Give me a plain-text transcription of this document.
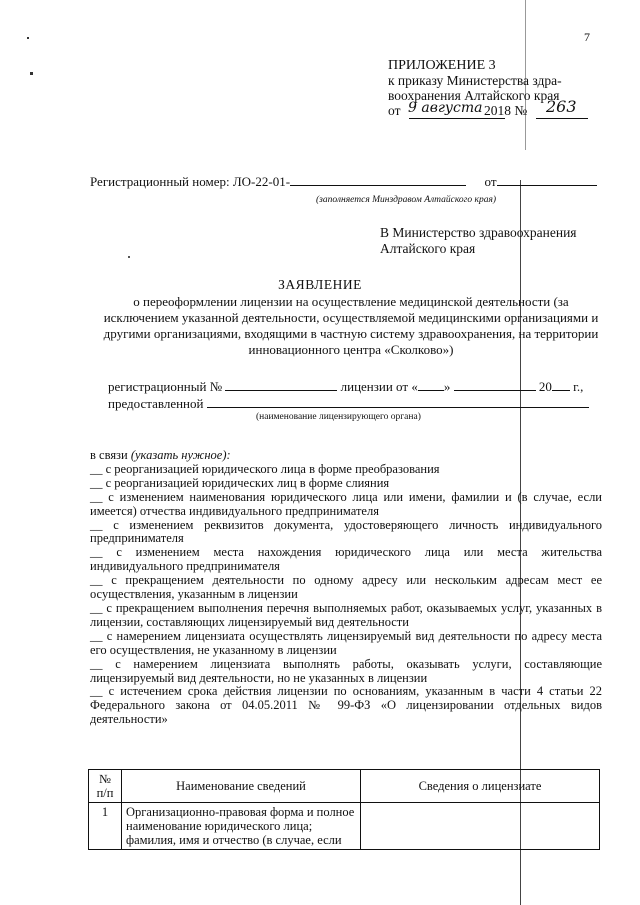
7
ПРИЛОЖЕНИЕ 3
к приказу Министерства здра-
воохранения Алтайского края
от 9 августа 2018 № 263
Регистрационный номер: ЛО-22-01-	от
(заполняется Минздравом Алтайского края)
В Министерство здравоохранения
Алтайского края
ЗАЯВЛЕНИЕ
о переоформлении лицензии на осуществление медицинской деятельности (за исключением указанной деятельности, осуществляемой медицинскими организациями и другими организациями, входящими в частную систему здравоохранения, на территории инновационного центра «Сколково»)
регистрационный №	лицензии от « »	20 г.,
предоставленной
(наименование лицензирующего органа)

в связи (указать нужное):

__ с реорганизацией юридического лица в форме преобразования

__ с реорганизацией юридических лиц в форме слияния

__ с изменением наименования юридического лица или имени, фамилии и (в случае, если имеется) отчества индивидуального предпринимателя

__ с изменением реквизитов документа, удостоверяющего личность индивидуального предпринимателя

__ с изменением места нахождения юридического лица или места жительства индивидуального предпринимателя

__ с прекращением деятельности по одному адресу или нескольким адресам мест ее осуществления, указанным в лицензии

__ с прекращением выполнения перечня выполняемых работ, оказываемых услуг, указанных в лицензии, составляющих лицензируемый вид деятельности

__ с намерением лицензиата осуществлять лицензируемый вид деятельности по адресу места его осуществления, не указанному в лицензии

__ с намерением лицензиата выполнять работы, оказывать услуги, составляющие лицензируемый вид деятельности, но не указанных в лицензии

__ с истечением срока действия лицензии по основаниям, указанным в части 4 статьи 22 Федерального закона от 04.05.2011 № 99-ФЗ «О лицензировании отдельных видов деятельности»

№ п/п	Наименование сведений	Сведения о лицензиате
1	Организационно-правовая форма и полное наименование юридического лица; фамилия, имя и отчество (в случае, если	
